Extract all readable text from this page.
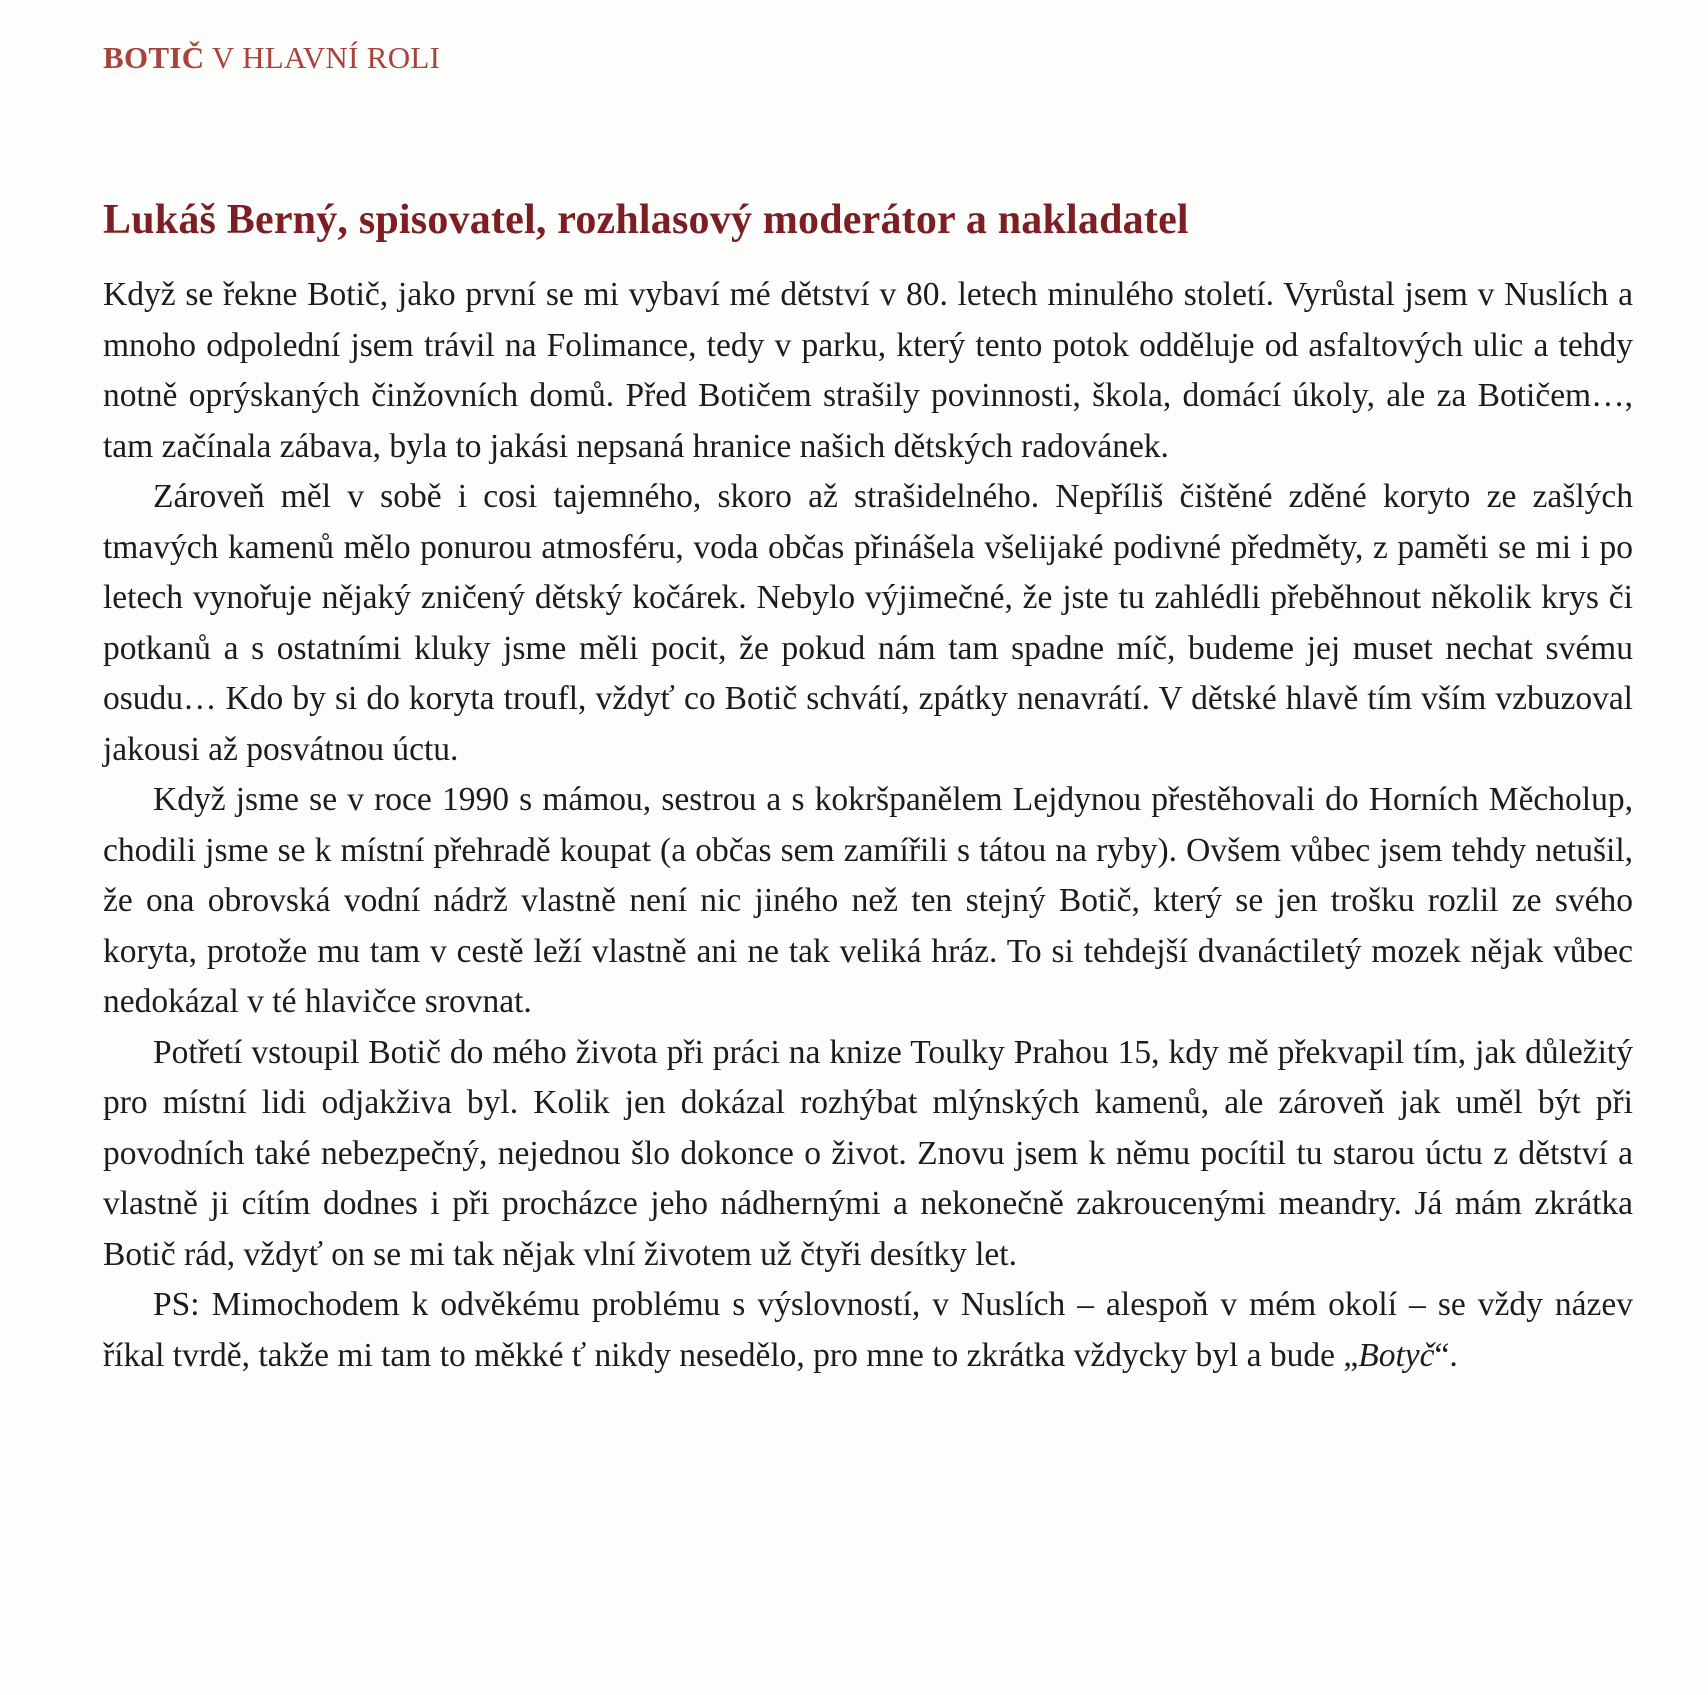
BOTIČ V HLAVNÍ ROLI
Lukáš Berný, spisovatel, rozhlasový moderátor a nakladatel

Když se řekne Botič, jako první se mi vybaví mé dětství v 80. letech minulého století. Vyrůstal jsem v Nuslích a mnoho odpolední jsem trávil na Folimance, tedy v parku, který tento potok odděluje od asfaltových ulic a tehdy notně oprýskaných činžovních domů. Před Botičem strašily povinnosti, škola, domácí úkoly, ale za Botičem…, tam začínala zábava, byla to jakási nepsaná hranice našich dětských radovánek.

Zároveň měl v sobě i cosi tajemného, skoro až strašidelného. Nepříliš čištěné zděné koryto ze zašlých tmavých kamenů mělo ponurou atmosféru, voda občas přinášela všelijaké podivné předměty, z paměti se mi i po letech vynořuje nějaký zničený dětský kočárek. Nebylo výjimečné, že jste tu zahlédli přeběhnout několik krys či potkanů a s ostatními kluky jsme měli pocit, že pokud nám tam spadne míč, budeme jej muset nechat svému osudu… Kdo by si do koryta troufl, vždyť co Botič schvátí, zpátky nenavrátí. V dětské hlavě tím vším vzbuzoval jakousi až posvátnou úctu.

Když jsme se v roce 1990 s mámou, sestrou a s kokršpanělem Lejdynou přestěhovali do Horních Měcholup, chodili jsme se k místní přehradě koupat (a občas sem zamířili s tátou na ryby). Ovšem vůbec jsem tehdy netušil, že ona obrovská vodní nádrž vlastně není nic jiného než ten stejný Botič, který se jen trošku rozlil ze svého koryta, protože mu tam v cestě leží vlastně ani ne tak veliká hráz. To si tehdejší dvanáctiletý mozek nějak vůbec nedokázal v té hlavičce srovnat.

Potřetí vstoupil Botič do mého života při práci na knize Toulky Prahou 15, kdy mě překvapil tím, jak důležitý pro místní lidi odjakživa byl. Kolik jen dokázal rozhýbat mlýnských kamenů, ale zároveň jak uměl být při povodních také nebezpečný, nejednou šlo dokonce o život. Znovu jsem k němu pocítil tu starou úctu z dětství a vlastně ji cítím dodnes i při procházce jeho nádhernými a nekonečně zakroucenými meandry. Já mám zkrátka Botič rád, vždyť on se mi tak nějak vlní životem už čtyři desítky let.

PS: Mimochodem k odvěkému problému s výslovností, v Nuslích – alespoň v mém okolí – se vždy název říkal tvrdě, takže mi tam to měkké ť nikdy nesedělo, pro mne to zkrátka vždycky byl a bude „Botyč“.
